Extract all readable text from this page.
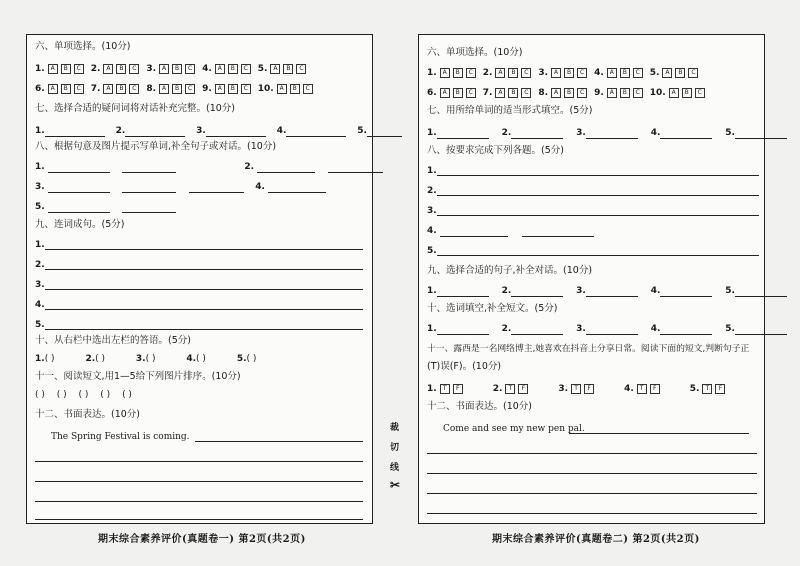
六、单项选择。(10分)
1. A B C 2. A B C 3. A B C 4. A B C 5. A B C
6. A B C 7. A B C 8. A B C 9. A B C 10. A B C
七、选择合适的疑问词将对话补充完整。(10分)
1.	2.	3.	4.	5.
八、根据句意及图片提示写单词,补全句子或对话。(10分)
1.	2.
3.	4.
5.
九、连词成句。(5分)
1.
2.
3.
4.
5.
十、从右栏中选出左栏的答语。(5分)
1.( )	2.( )	3.( )	4.( )	5.( )
十一、阅读短文,用1—5给下列图片排序。(10分)
( ) ( ) ( ) ( ) ( )
十二、书面表达。(10分)
The Spring Festival is coming.
六、单项选择。(10分)
1. A B C 2. A B C 3. A B C 4. A B C 5. A B C
6. A B C 7. A B C 8. A B C 9. A B C 10. A B C
七、用所给单词的适当形式填空。(5分)
1.	2.	3.	4.	5.
八、按要求完成下列各题。(5分)
1.
2.
3.
4.
5.
九、选择合适的句子,补全对话。(10分)
1.	2.	3.	4.	5.
十、选词填空,补全短文。(5分)
1.	2.	3.	4.	5.
十一、露西是一名网络博主,她喜欢在抖音上分享日常。阅读下面的短文,判断句子正
(T)误(F)。(10分)
1. T F	2. T F	3. T F	4. T F	5. T F
十二、书面表达。(10分)
Come and see my new pen pal.
裁
切
线
✂
期末综合素养评价(真题卷一) 第2页(共2页)	期末综合素养评价(真题卷二) 第2页(共2页)
